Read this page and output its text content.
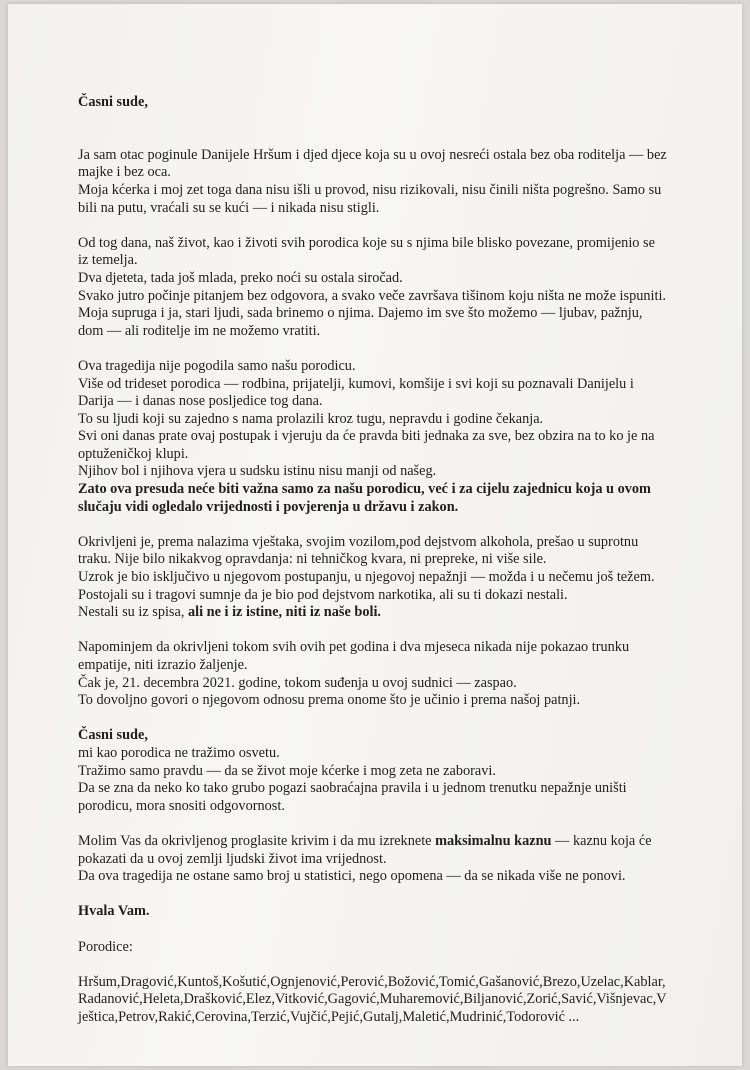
Časni sude,

Ja sam otac poginule Danijele Hršum i djed djece koja su u ovoj nesreći ostala bez oba roditelja — bez majke i bez oca.

Moja kćerka i moj zet toga dana nisu išli u provod, nisu rizikovali, nisu činili ništa pogrešno. Samo su bili na putu, vraćali su se kući — i nikada nisu stigli.

Od tog dana, naš život, kao i životi svih porodica koje su s njima bile blisko povezane, promijenio se iz temelja.

Dva djeteta, tada još mlada, preko noći su ostala siročad.

Svako jutro počinje pitanjem bez odgovora, a svako veče završava tišinom koju ništa ne može ispuniti.

Moja supruga i ja, stari ljudi, sada brinemo o njima. Dajemo im sve što možemo — ljubav, pažnju, dom — ali roditelje im ne možemo vratiti.

Ova tragedija nije pogodila samo našu porodicu.

Više od trideset porodica — rodbina, prijatelji, kumovi, komšije i svi koji su poznavali Danijelu i Darija — i danas nose posljedice tog dana.

To su ljudi koji su zajedno s nama prolazili kroz tugu, nepravdu i godine čekanja.

Svi oni danas prate ovaj postupak i vjeruju da će pravda biti jednaka za sve, bez obzira na to ko je na optuženičkoj klupi.

Njihov bol i njihova vjera u sudsku istinu nisu manji od našeg.

Zato ova presuda neće biti važna samo za našu porodicu, već i za cijelu zajednicu koja u ovom slučaju vidi ogledalo vrijednosti i povjerenja u državu i zakon.

Okrivljeni je, prema nalazima vještaka, svojim vozilom,pod dejstvom alkohola, prešao u suprotnu traku. Nije bilo nikakvog opravdanja: ni tehničkog kvara, ni prepreke, ni više sile.

Uzrok je bio isključivo u njegovom postupanju, u njegovoj nepažnji — možda i u nečemu još težem.

Postojali su i tragovi sumnje da je bio pod dejstvom narkotika, ali su ti dokazi nestali.

Nestali su iz spisa, ali ne i iz istine, niti iz naše boli.

Napominjem da okrivljeni tokom svih ovih pet godina i dva mjeseca nikada nije pokazao trunku empatije, niti izrazio žaljenje.

Čak je, 21. decembra 2021. godine, tokom suđenja u ovoj sudnici — zaspao.

To dovoljno govori o njegovom odnosu prema onome što je učinio i prema našoj patnji.

Časni sude,

mi kao porodica ne tražimo osvetu.

Tražimo samo pravdu — da se život moje kćerke i mog zeta ne zaboravi.

Da se zna da neko ko tako grubo pogazi saobraćajna pravila i u jednom trenutku nepažnje uništi porodicu, mora snositi odgovornost.

Molim Vas da okrivljenog proglasite krivim i da mu izreknete maksimalnu kaznu — kaznu koja će pokazati da u ovoj zemlji ljudski život ima vrijednost.

Da ova tragedija ne ostane samo broj u statistici, nego opomena — da se nikada više ne ponovi.

Hvala Vam.

Porodice:

Hršum,Dragović,Kuntoš,Košutić,Ognjenović,Perović,Božović,Tomić,Gašanović,Brezo,Uzelac,Kablar,Radanović,Heleta,Drašković,Elez,Vitković,Gagović,Muharemović,Biljanović,Zorić,Savić,Višnjevac,Vještica,Petrov,Rakić,Cerovina,Terzić,Vujčić,Pejić,Gutalj,Maletić,Mudrinić,Todorović ...
